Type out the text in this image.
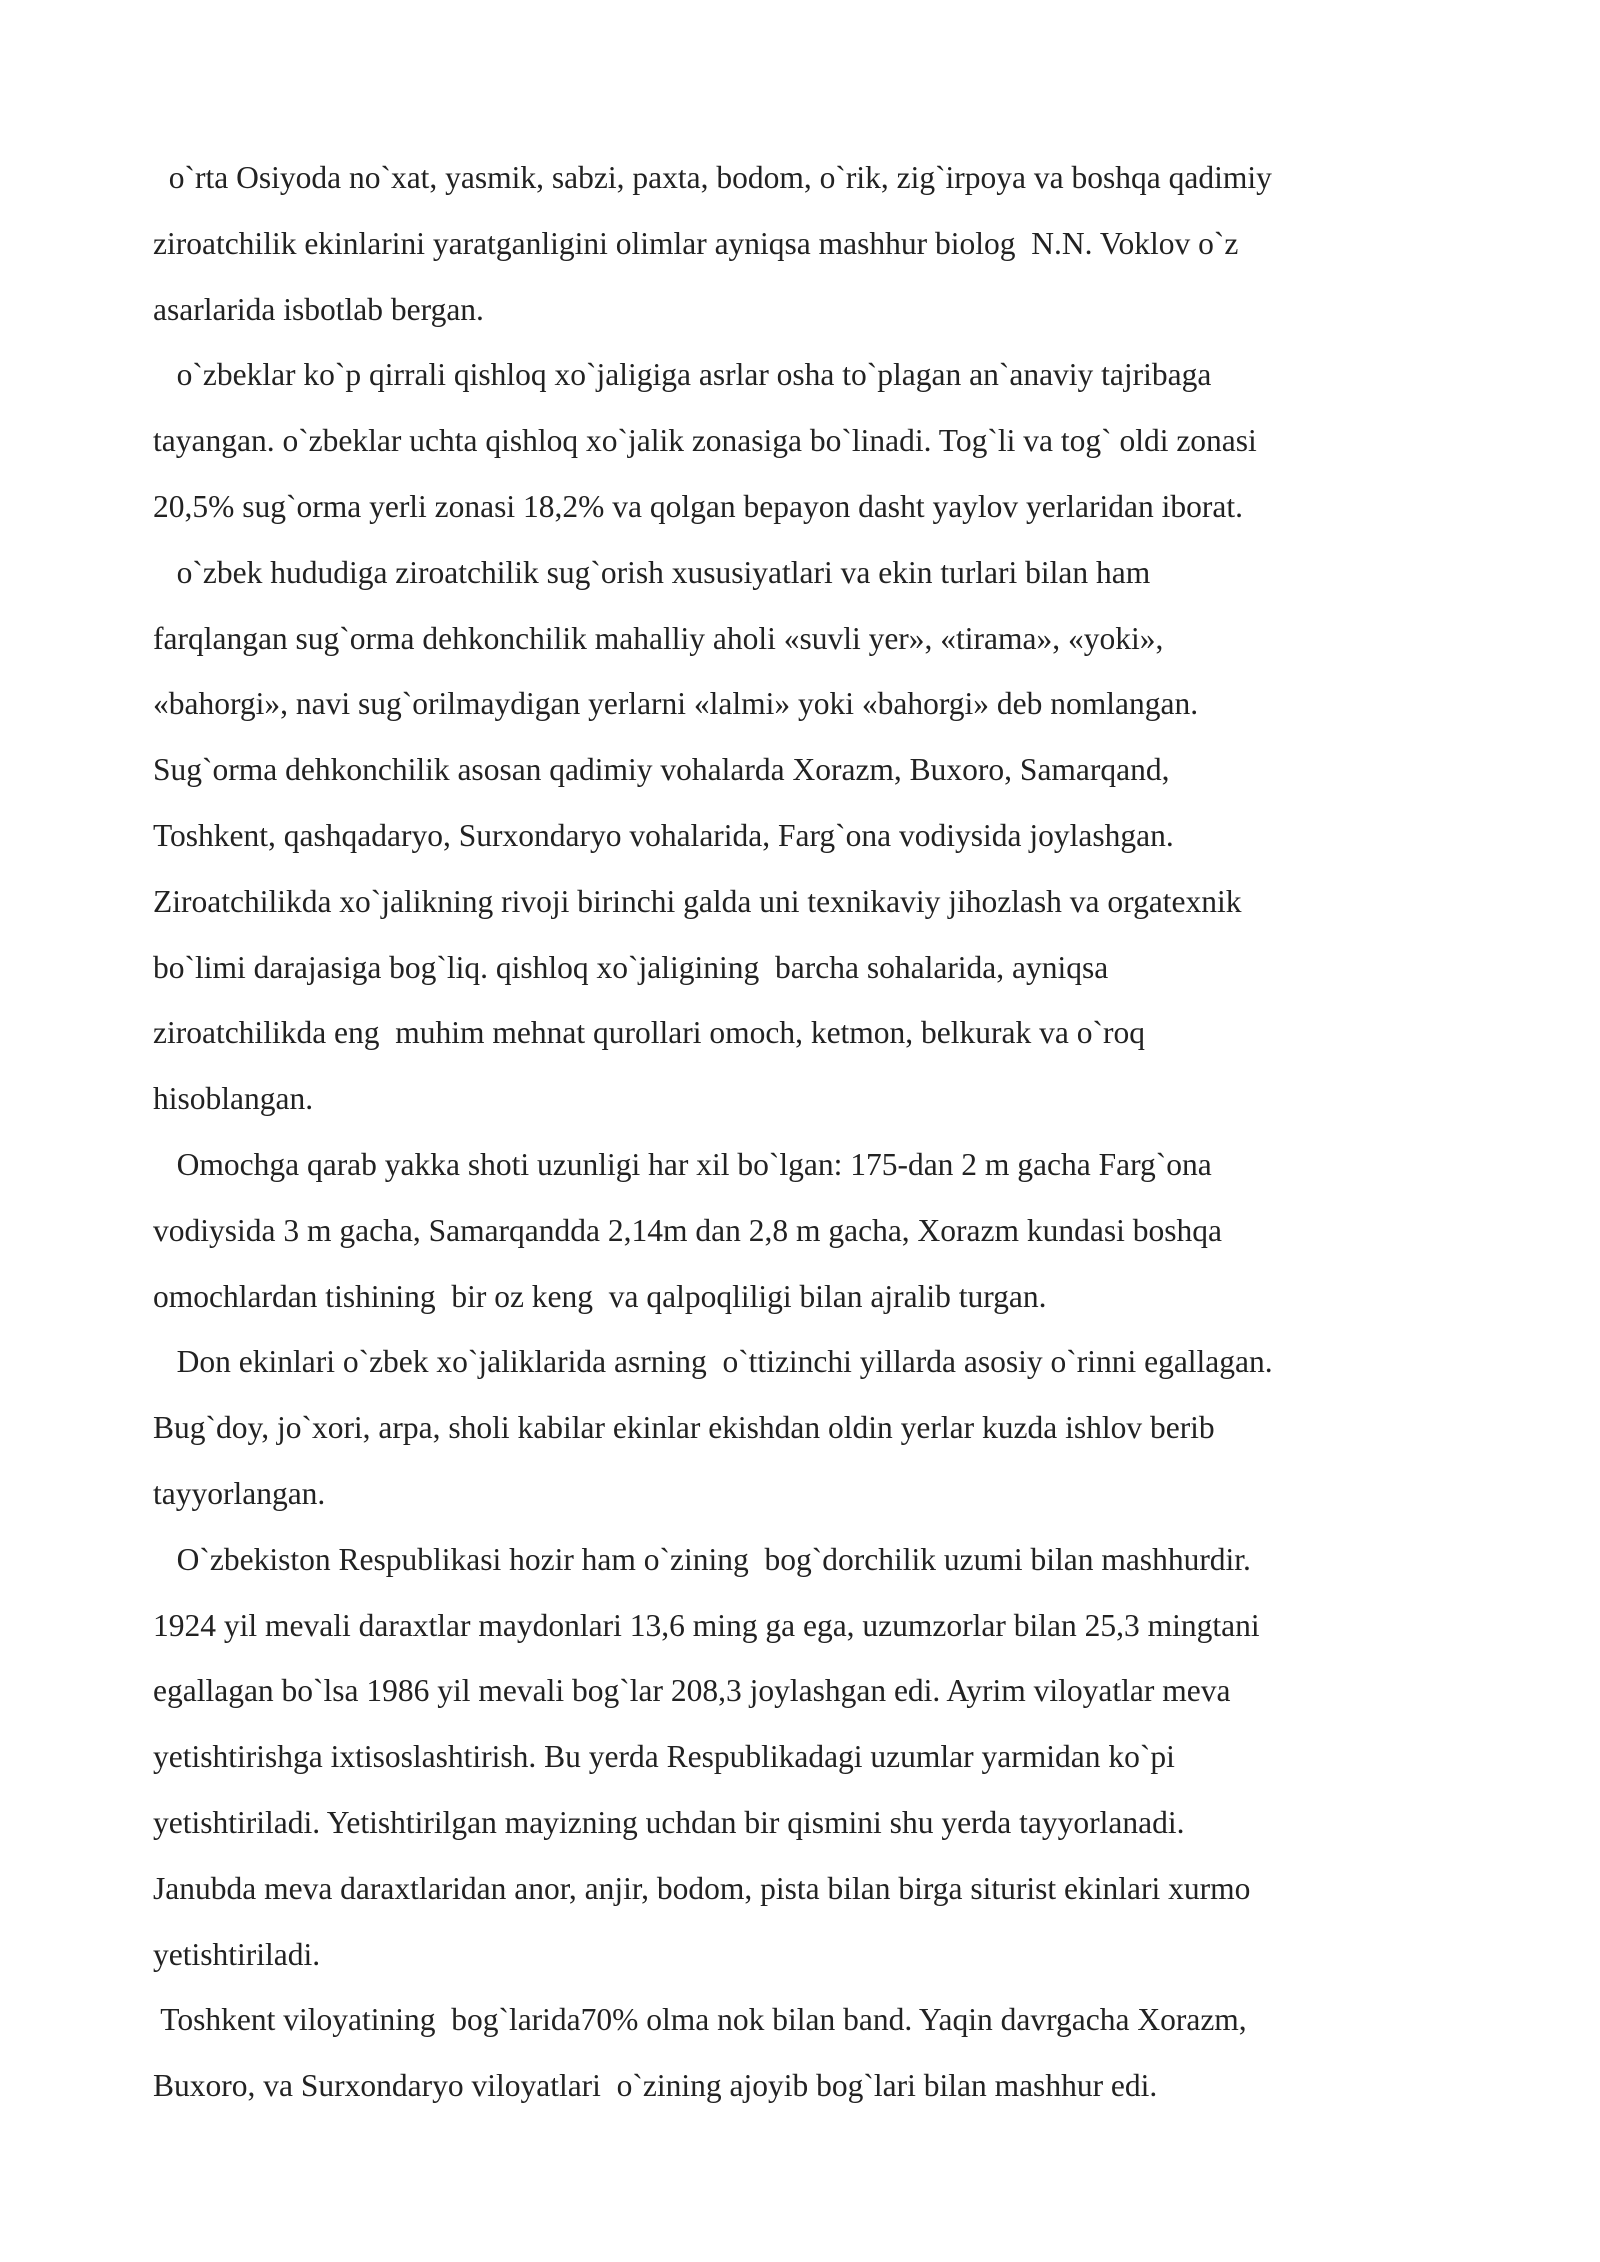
o`rta Osiyoda no`xat, yasmik, sabzi, paxta, bodom, o`rik, zig`irpoya va boshqa qadimiy
ziroatchilik ekinlarini yaratganligini olimlar ayniqsa mashhur biolog  N.N. Voklov o`z
asarlarida isbotlab bergan.
o`zbeklar ko`p qirrali qishloq xo`jaligiga asrlar osha to`plagan an`anaviy tajribaga
tayangan. o`zbeklar uchta qishloq xo`jalik zonasiga bo`linadi. Tog`li va tog` oldi zonasi
20,5% sug`orma yerli zonasi 18,2% va qolgan bepayon dasht yaylov yerlaridan iborat.
o`zbek hududiga ziroatchilik sug`orish xususiyatlari va ekin turlari bilan ham
farqlangan sug`orma dehkonchilik mahalliy aholi «suvli yer», «tirama», «yoki»,
«bahorgi», navi sug`orilmaydigan yerlarni «lalmi» yoki «bahorgi» deb nomlangan.
Sug`orma dehkonchilik asosan qadimiy vohalarda Xorazm, Buxoro, Samarqand,
Toshkent, qashqadaryo, Surxondaryo vohalarida, Farg`ona vodiysida joylashgan.
Ziroatchilikda xo`jalikning rivoji birinchi galda uni texnikaviy jihozlash va orgatexnik
bo`limi darajasiga bog`liq. qishloq xo`jaligining  barcha sohalarida, ayniqsa
ziroatchilikda eng  muhim mehnat qurollari omoch, ketmon, belkurak va o`roq
hisoblangan.
Omochga qarab yakka shoti uzunligi har xil bo`lgan: 175-dan 2 m gacha Farg`ona
vodiysida 3 m gacha, Samarqandda 2,14m dan 2,8 m gacha, Xorazm kundasi boshqa
omochlardan tishining  bir oz keng  va qalpoqliligi bilan ajralib turgan.
Don ekinlari o`zbek xo`jaliklarida asrning  o`ttizinchi yillarda asosiy o`rinni egallagan.
Bug`doy, jo`xori, arpa, sholi kabilar ekinlar ekishdan oldin yerlar kuzda ishlov berib
tayyorlangan.
O`zbekiston Respublikasi hozir ham o`zining  bog`dorchilik uzumi bilan mashhurdir.
1924 yil mevali daraxtlar maydonlari 13,6 ming ga ega, uzumzorlar bilan 25,3 mingtani
egallagan bo`lsa 1986 yil mevali bog`lar 208,3 joylashgan edi. Ayrim viloyatlar meva
yetishtirishga ixtisoslashtirish. Bu yerda Respublikadagi uzumlar yarmidan ko`pi
yetishtiriladi. Yetishtirilgan mayizning uchdan bir qismini shu yerda tayyorlanadi.
Janubda meva daraxtlaridan anor, anjir, bodom, pista bilan birga siturist ekinlari xurmo
yetishtiriladi.
Toshkent viloyatining  bog`larida70% olma nok bilan band. Yaqin davrgacha Xorazm,
Buxoro, va Surxondaryo viloyatlari  o`zining ajoyib bog`lari bilan mashhur edi.
